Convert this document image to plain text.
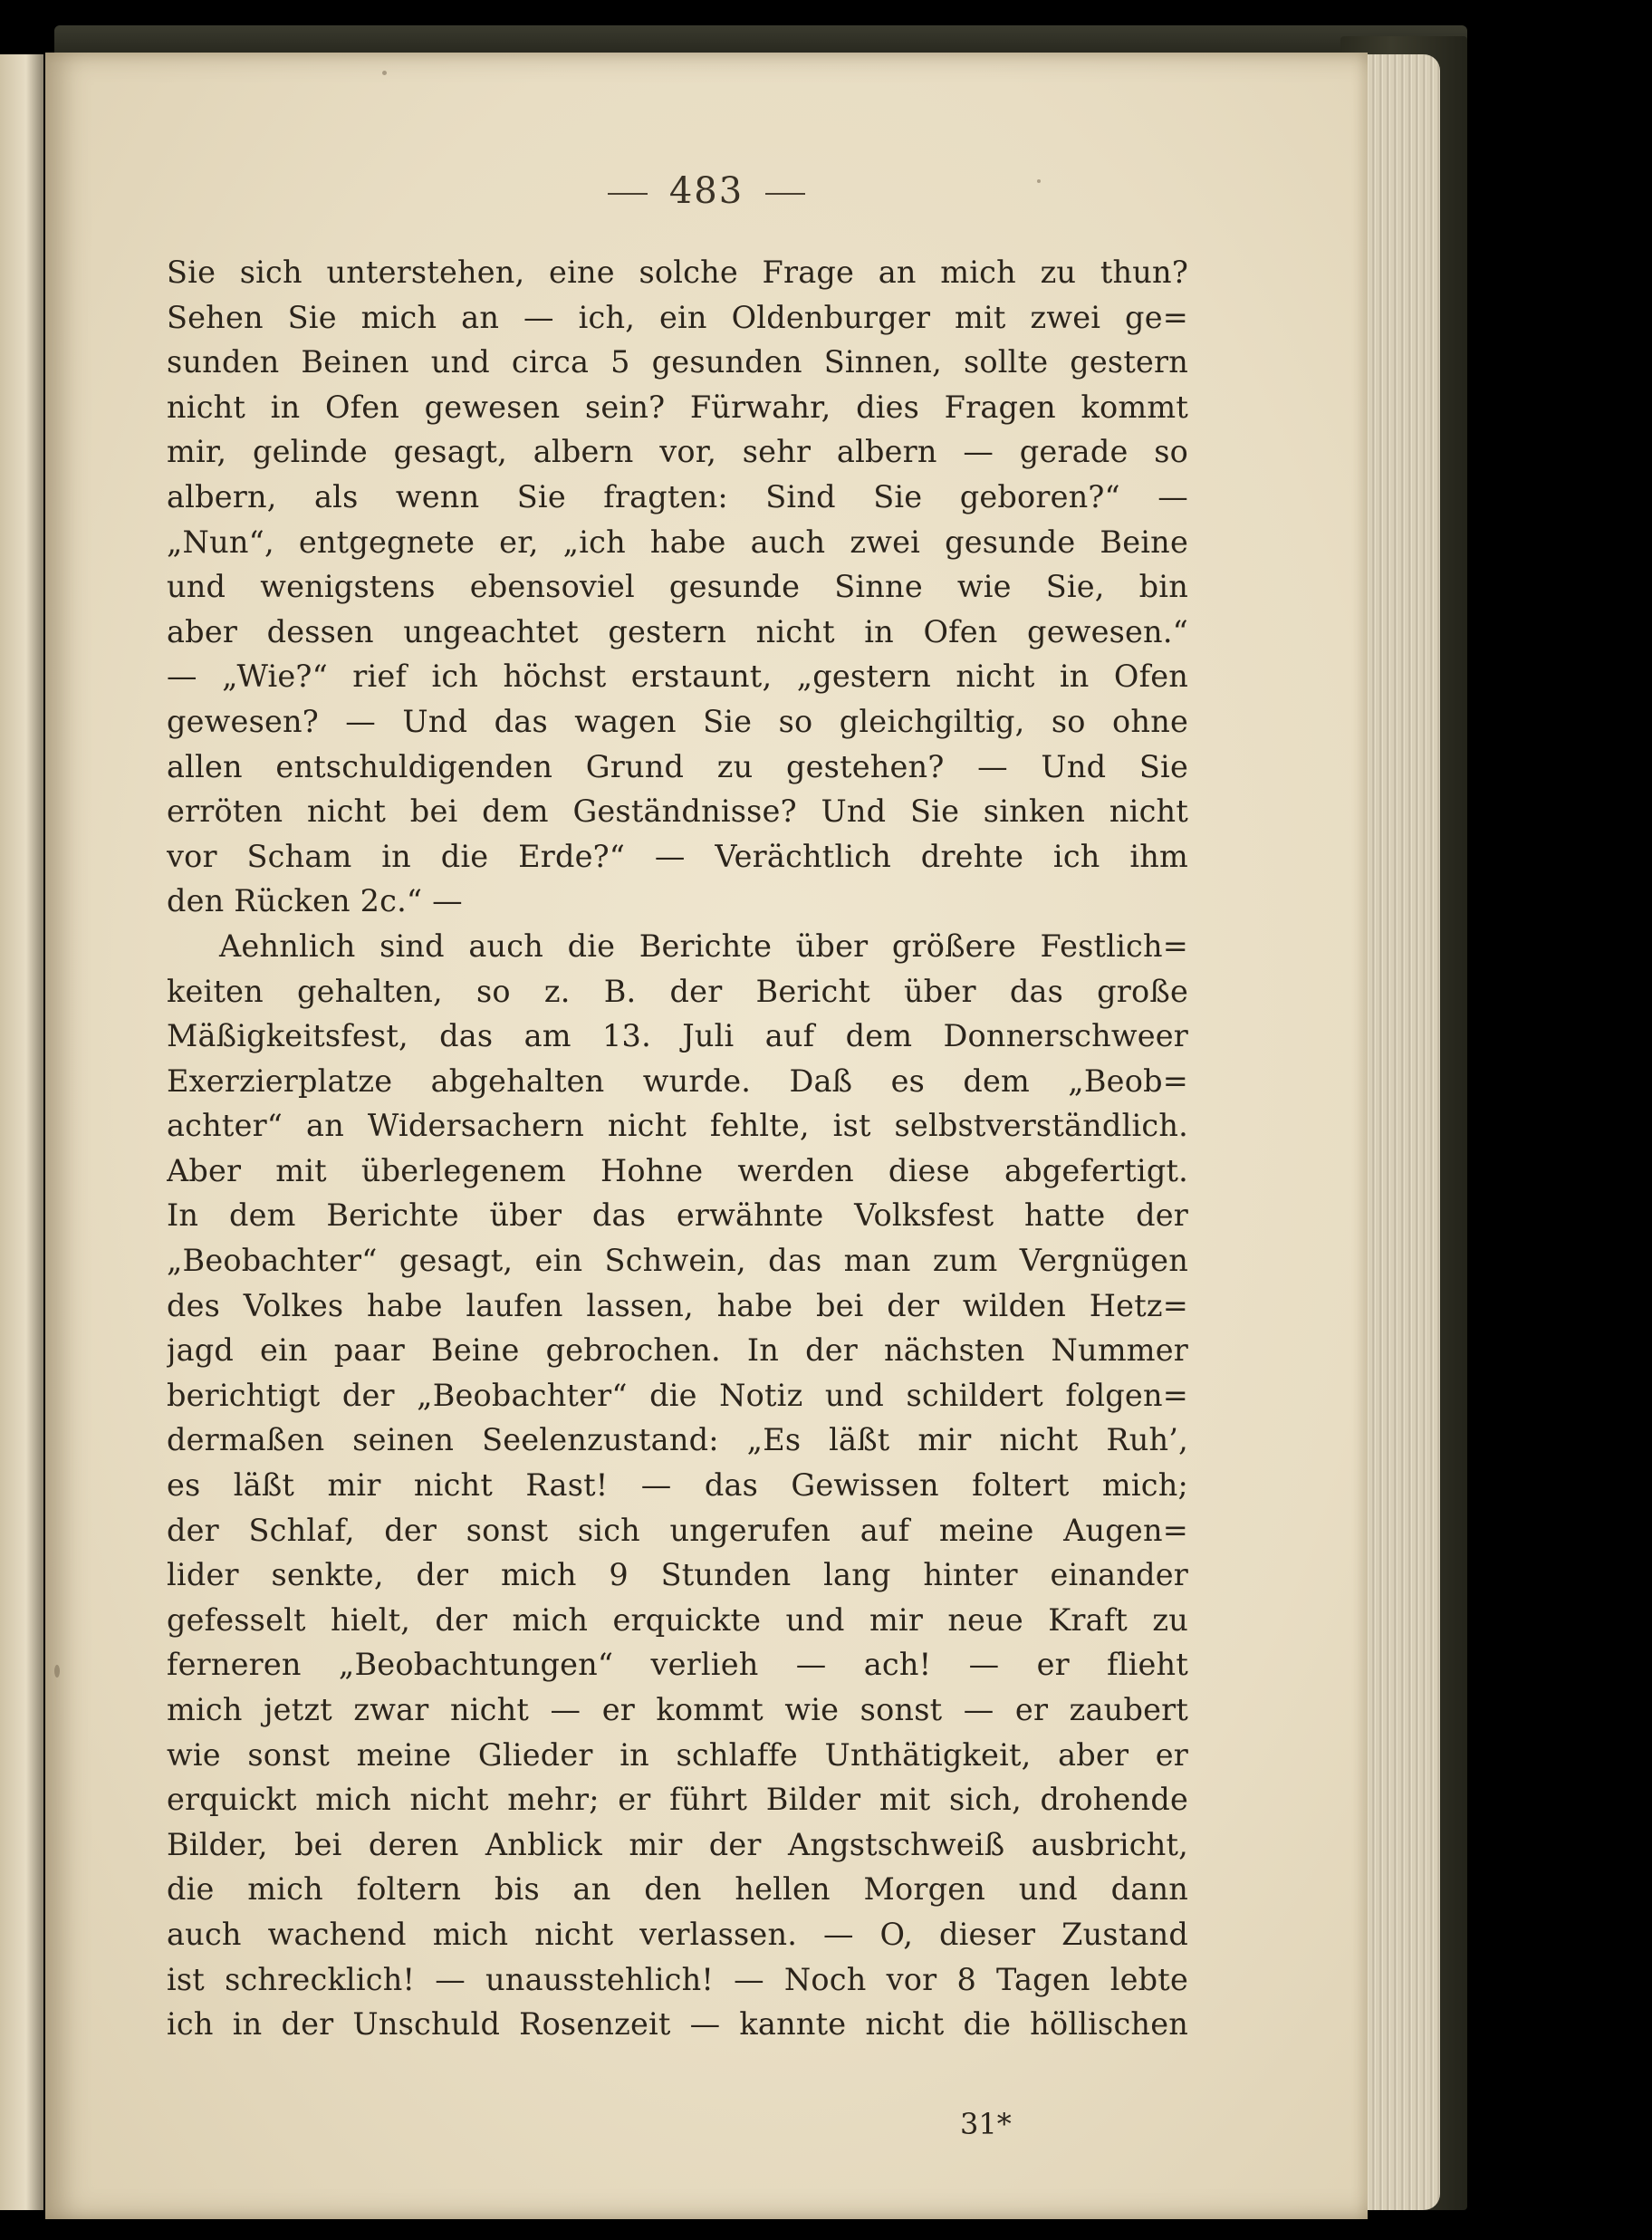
483
Sie sich unterstehen, eine solche Frage an mich zu thun?
Sehen Sie mich an — ich, ein Oldenburger mit zwei ge=
sunden Beinen und circa 5 gesunden Sinnen, sollte gestern
nicht in Ofen gewesen sein? Fürwahr, dies Fragen kommt
mir, gelinde gesagt, albern vor, sehr albern — gerade so
albern, als wenn Sie fragten: Sind Sie geboren?“ —
„Nun“, entgegnete er, „ich habe auch zwei gesunde Beine
und wenigstens ebensoviel gesunde Sinne wie Sie, bin
aber dessen ungeachtet gestern nicht in Ofen gewesen.“
— „Wie?“ rief ich höchst erstaunt, „gestern nicht in Ofen
gewesen? — Und das wagen Sie so gleichgiltig, so ohne
allen entschuldigenden Grund zu gestehen? — Und Sie
erröten nicht bei dem Geständnisse? Und Sie sinken nicht
vor Scham in die Erde?“ — Verächtlich drehte ich ihm
den Rücken 2c.“ —
Aehnlich sind auch die Berichte über größere Festlich=
keiten gehalten, so z. B. der Bericht über das große
Mäßigkeitsfest, das am 13. Juli auf dem Donnerschweer
Exerzierplatze abgehalten wurde. Daß es dem „Beob=
achter“ an Widersachern nicht fehlte, ist selbstverständlich.
Aber mit überlegenem Hohne werden diese abgefertigt.
In dem Berichte über das erwähnte Volksfest hatte der
„Beobachter“ gesagt, ein Schwein, das man zum Vergnügen
des Volkes habe laufen lassen, habe bei der wilden Hetz=
jagd ein paar Beine gebrochen. In der nächsten Nummer
berichtigt der „Beobachter“ die Notiz und schildert folgen=
dermaßen seinen Seelenzustand: „Es läßt mir nicht Ruh’,
es läßt mir nicht Rast! — das Gewissen foltert mich;
der Schlaf, der sonst sich ungerufen auf meine Augen=
lider senkte, der mich 9 Stunden lang hinter einander
gefesselt hielt, der mich erquickte und mir neue Kraft zu
ferneren „Beobachtungen“ verlieh — ach! — er flieht
mich jetzt zwar nicht — er kommt wie sonst — er zaubert
wie sonst meine Glieder in schlaffe Unthätigkeit, aber er
erquickt mich nicht mehr; er führt Bilder mit sich, drohende
Bilder, bei deren Anblick mir der Angstschweiß ausbricht,
die mich foltern bis an den hellen Morgen und dann
auch wachend mich nicht verlassen. — O, dieser Zustand
ist schrecklich! — unausstehlich! — Noch vor 8 Tagen lebte
ich in der Unschuld Rosenzeit — kannte nicht die höllischen
31*
